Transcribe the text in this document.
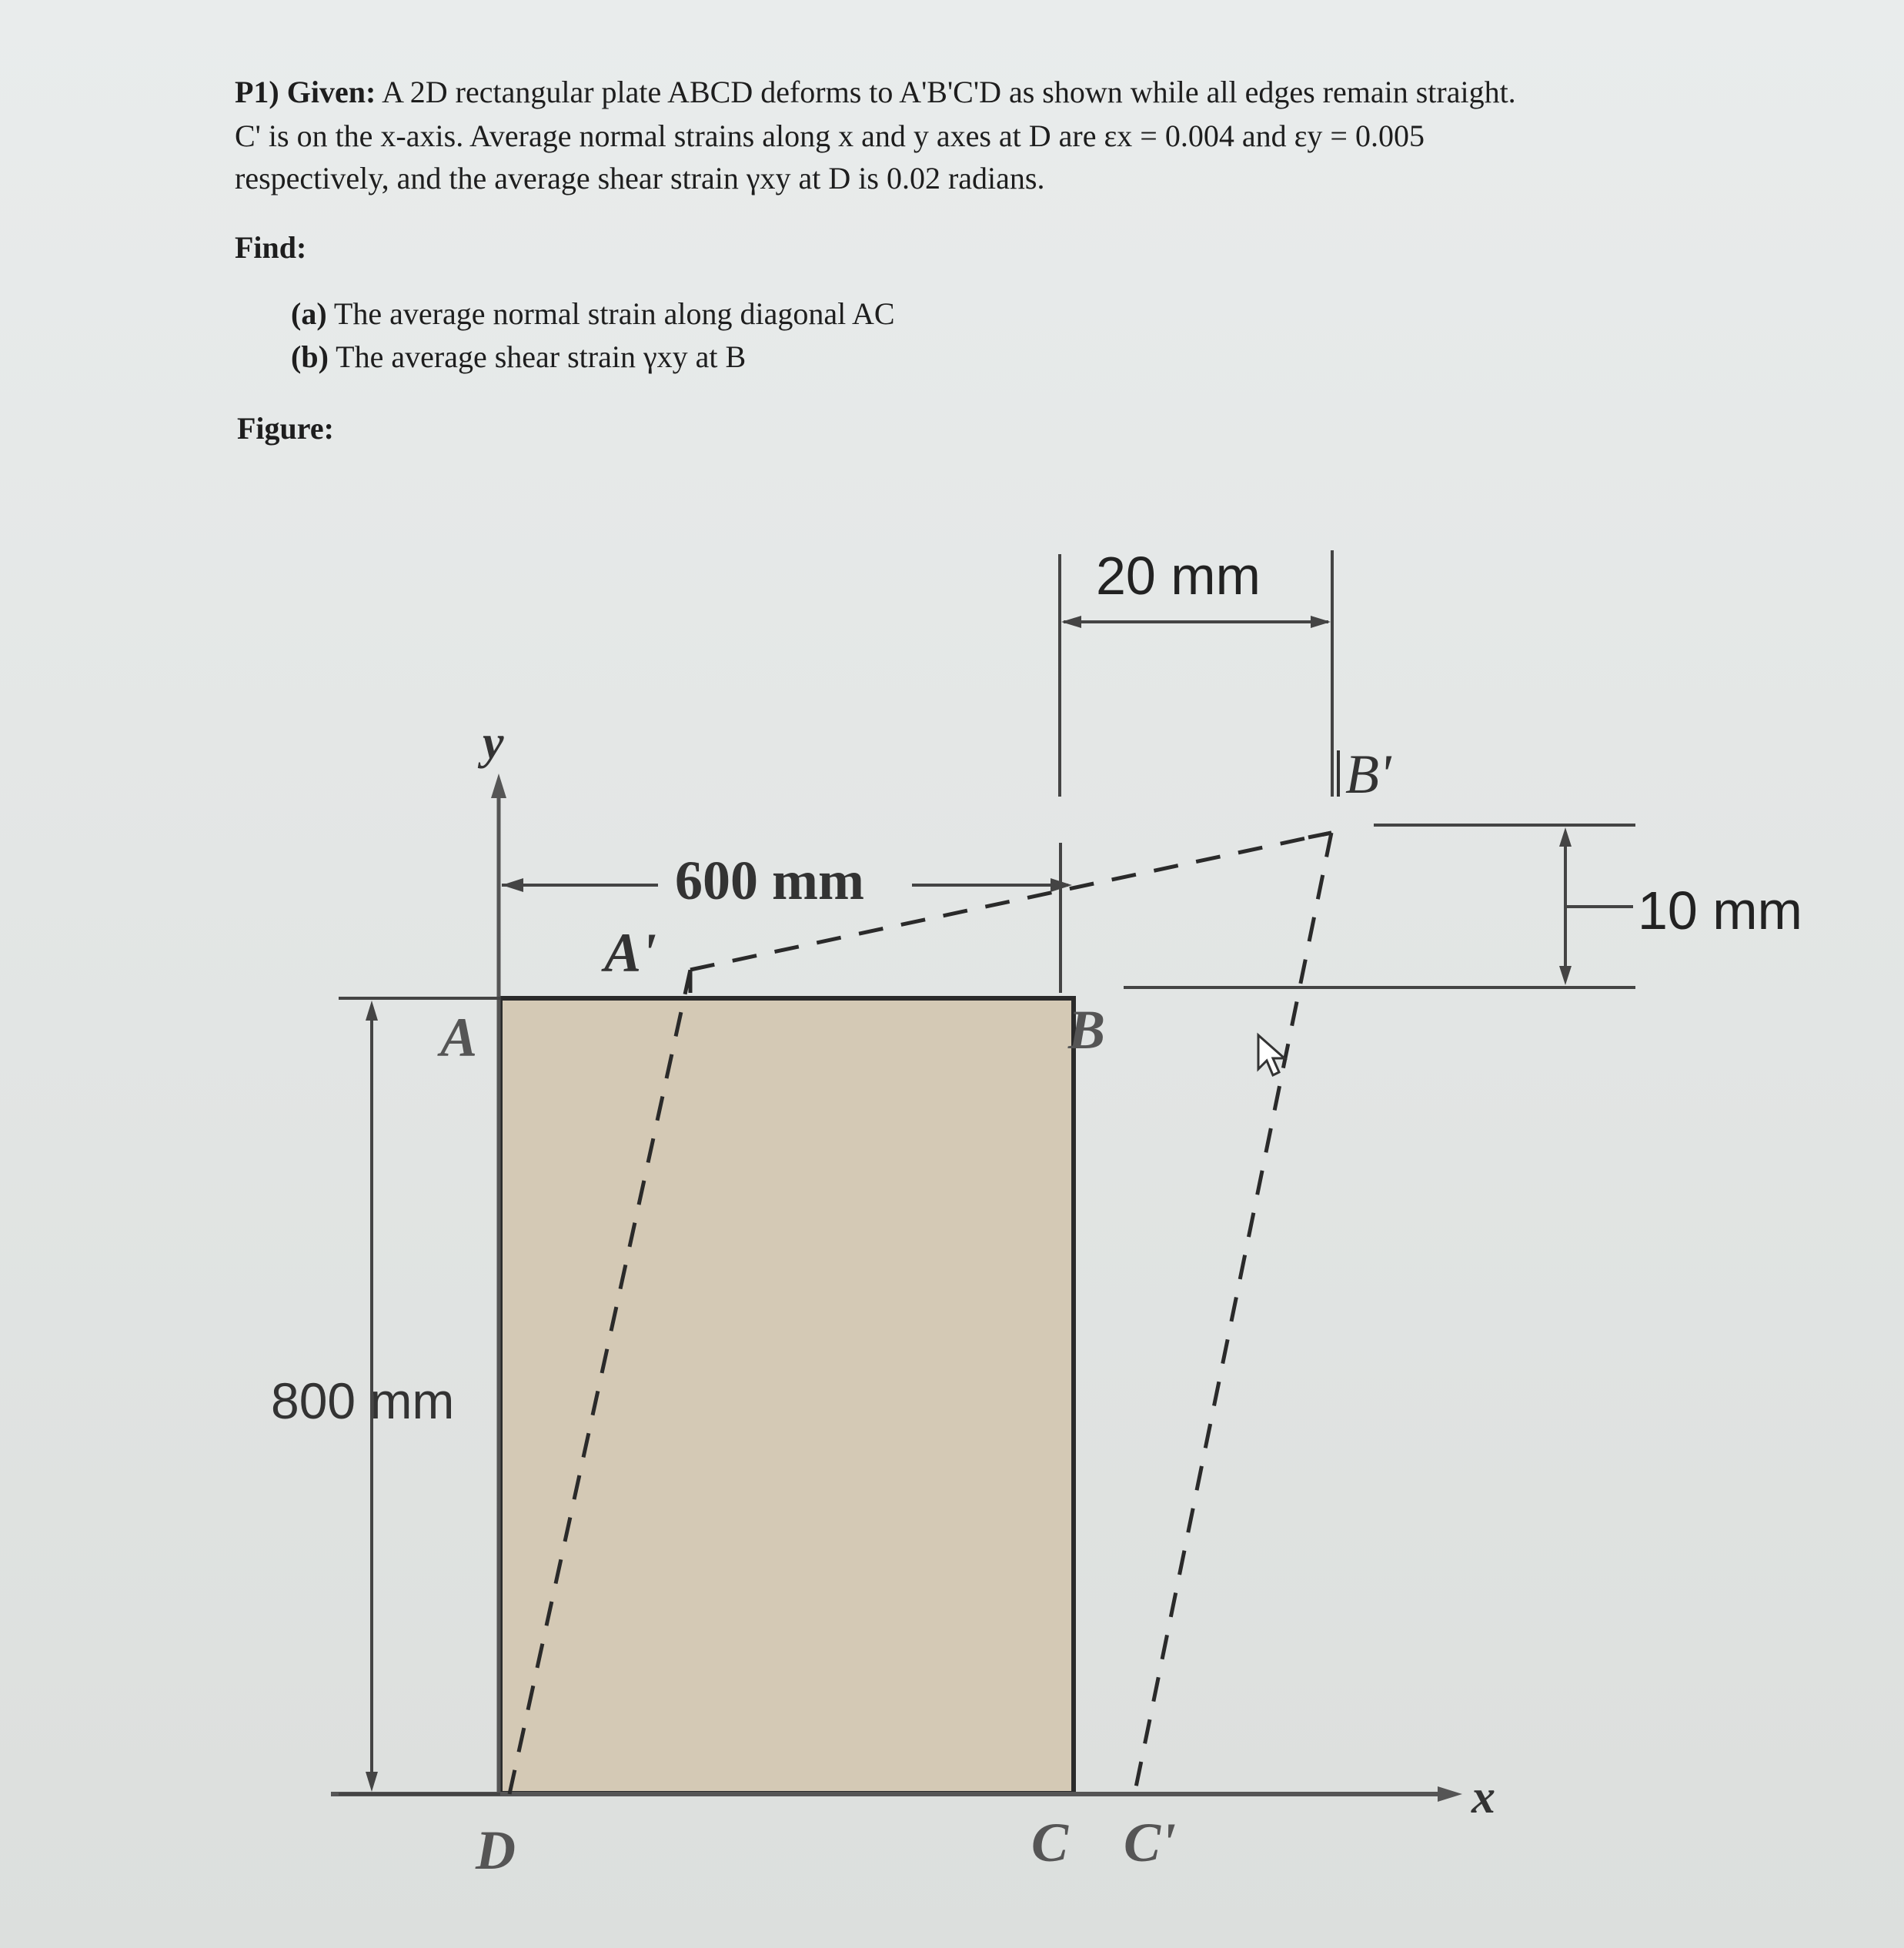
P1) Given: A 2D rectangular plate ABCD deforms to A'B'C'D as shown while all edges remain straight.
C' is on the x-axis. Average normal strains along x and y axes at D are εx = 0.004 and εy = 0.005
respectively, and the average shear strain γxy at D is 0.02 radians.
Find:
(a) The average normal strain along diagonal AC
(b) The average shear strain γxy at B
Figure:
y
x
A	B
D	C C'
A'
B'
600 mm
800 mm
20 mm
10 mm
